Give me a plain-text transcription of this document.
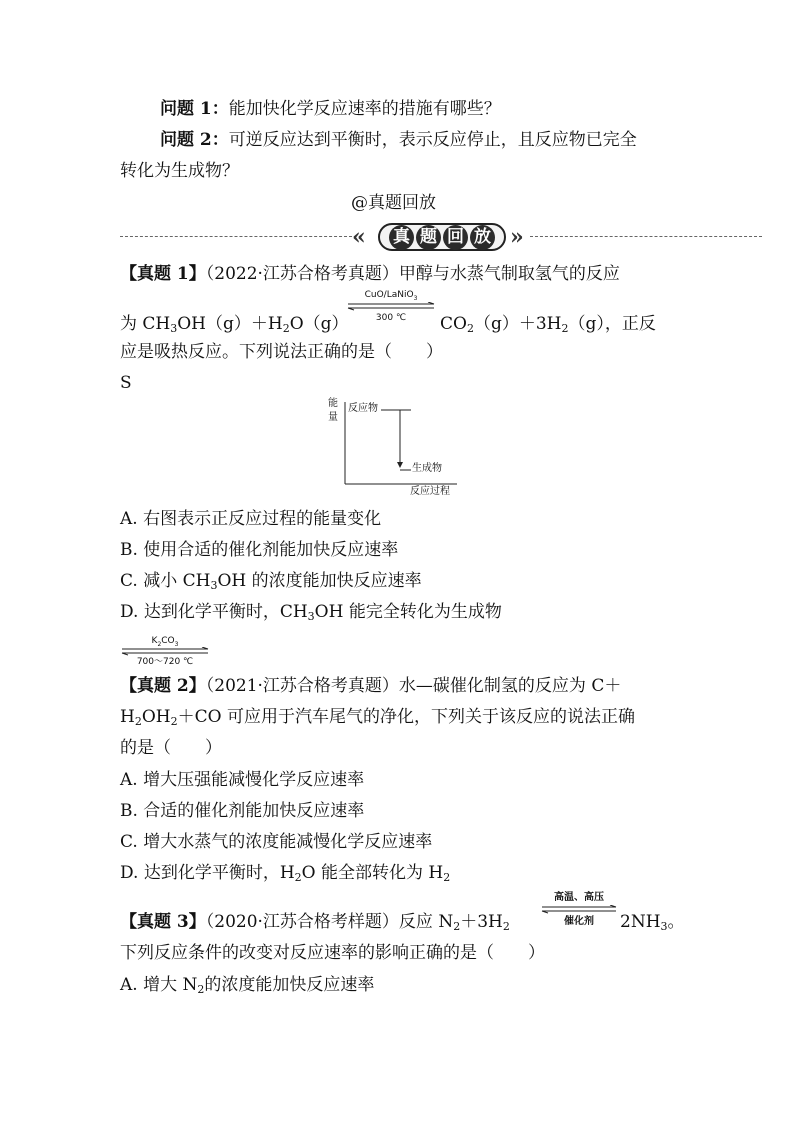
问题 1：能加快化学反应速率的措施有哪些？
问题 2：可逆反应达到平衡时，表示反应停止，且反应物已完全
转化为生成物？
@真题回放
« 真 题 回 放 »
【真题 1】（2022·江苏合格考真题）甲醇与水蒸气制取氢气的反应
为 $CH_3OH(g)+H_2O(g)$
CuO/LaNiO$_3$
300 ℃	$CO_2(g)+3H_2(g)$，正反
应是吸热反应。下列说法正确的是（　　）
S
能
量
反应物
生成物
反应过程
A. 右图表示正反应过程的能量变化
B. 使用合适的催化剂能加快反应速率
C. 减小 $CH_3OH$ 的浓度能加快反应速率
D. 达到化学平衡时，$CH_3OH$ 能完全转化为生成物
$K_2CO_3$
700～720 ℃
【真题 2】（2021·江苏合格考真题）水—碳催化制氢的反应为 C＋
$H_2OH_2+CO$ 可应用于汽车尾气的净化，下列关于该反应的说法正确
的是（　　）
A. 增大压强能减慢化学反应速率
B. 合适的催化剂能加快反应速率
C. 增大水蒸气的浓度能减慢化学反应速率
D. 达到化学平衡时，$H_2O$ 能全部转化为 $H_2$
【真题 3】（2020·江苏合格考样题）反应 $N_2+3H_2$
高温、高压
催化剂	$2NH_3$。
下列反应条件的改变对反应速率的影响正确的是（　　）
A. 增大 $N_2$的浓度能加快反应速率
